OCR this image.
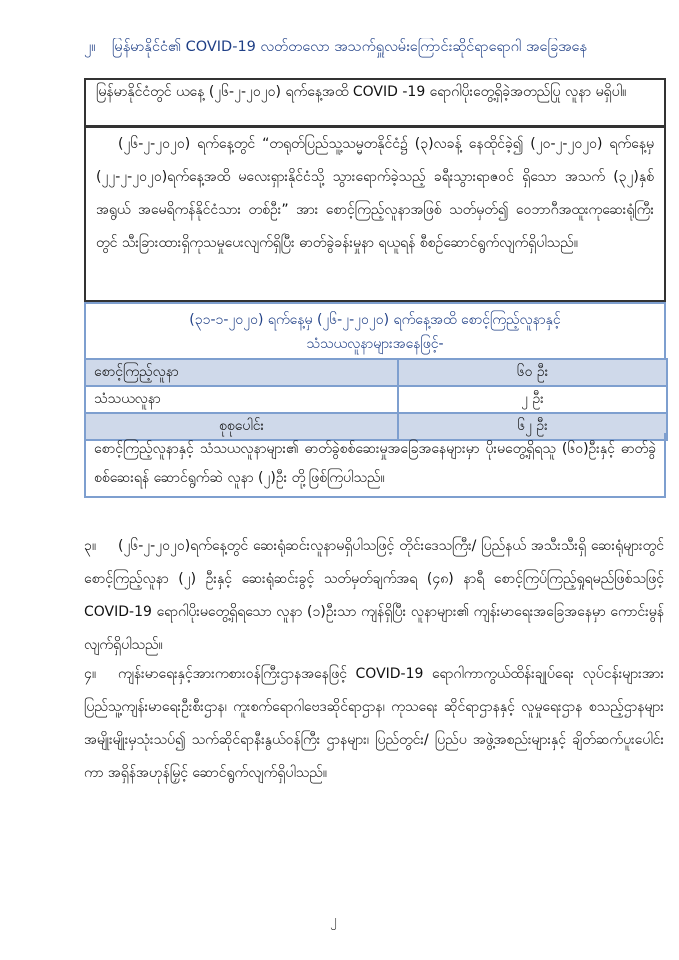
၂။ မြန်မာနိုင်ငံ၏ COVID-19 လတ်တလော အသက်ရှူလမ်းကြောင်းဆိုင်ရာရောဂါ အခြေအနေ

မြန်မာနိုင်ငံတွင် ယနေ့ (၂၆-၂-၂၀၂၀) ရက်နေ့အထိ COVID -19 ရောဂါပိုးတွေ့ရှိခဲ့အတည်ပြု လူနာ မရှိပါ။

(၂၆-၂-၂၀၂၀) ရက်နေ့တွင် “တရုတ်ပြည်သူ့သမ္မတနိုင်ငံ၌ (၃)လခန့် နေထိုင်ခဲ့၍ (၂၀-၂-၂၀၂၀) ရက်နေ့မှ (၂၂-၂-၂၀၂၀)ရက်နေ့အထိ မလေးရှားနိုင်ငံသို့ သွားရောက်ခဲ့သည့် ခရီးသွားရာဇဝင် ရှိသော အသက် (၃၂)နှစ်အရွယ် အမေရိကန်နိုင်ငံသား တစ်ဦး” အား စောင့်ကြည့်လူနာအဖြစ် သတ်မှတ်၍ ဝေဘာဂီအထူးကုဆေးရုံကြီးတွင် သီးခြားထားရှိကုသမှုပေးလျက်ရှိပြီး ဓာတ်ခွဲခန်းမှုနာ ရယူရန် စီစဉ်ဆောင်ရွက်လျက်ရှိပါသည်။

(၃၁-၁-၂၀၂၀) ရက်နေ့မှ (၂၆-၂-၂၀၂၀) ရက်နေ့အထိ စောင့်ကြည့်လူနာနှင့်
သံသယလူနာများအနေဖြင့်-
စောင့်ကြည့်လူနာ	၆၀ ဦး
သံသယလူနာ	၂ ဦး
စုစုပေါင်း	၆၂ ဦး
စောင့်ကြည့်လူနာနှင့် သံသယလူနာများ၏ ဓာတ်ခွဲစစ်ဆေးမှုအခြေအနေများမှာ ပိုးမတွေ့ရှိရသူ (၆၀)ဦးနှင့် ဓာတ်ခွဲစစ်ဆေးရန် ဆောင်ရွက်ဆဲ လူနာ (၂)ဦး တို့ဖြစ်ကြပါသည်။
၃။ (၂၆-၂-၂၀၂၀)ရက်နေ့တွင် ဆေးရုံဆင်းလူနာမရှိပါသဖြင့် တိုင်းဒေသကြီး/ ပြည်နယ် အသီးသီးရှိ ဆေးရုံများတွင် စောင့်ကြည့်လူနာ (၂) ဦးနှင့် ဆေးရုံဆင်းခွင့် သတ်မှတ်ချက်အရ (၄၈) နာရီ စောင့်ကြပ်ကြည့်ရှုရမည်ဖြစ်သဖြင့် COVID-19 ရောဂါပိုးမတွေ့ရှိရသော လူနာ (၁)ဦးသာ ကျန်ရှိပြီး လူနာများ၏ ကျန်းမာရေးအခြေအနေမှာ ကောင်းမွန်လျက်ရှိပါသည်။
၄။ ကျန်းမာရေးနှင့်အားကစားဝန်ကြီးဌာနအနေဖြင့် COVID-19 ရောဂါကာကွယ်ထိန်းချုပ်ရေး လုပ်ငန်းများအား ပြည်သူ့ကျန်းမာရေးဦးစီးဌာန၊ ကူးစက်ရောဂါဗေဒဆိုင်ရာဌာန၊ ကုသရေး ဆိုင်ရာဌာနနှင့် လူမှုရေးဌာန စသည့်ဌာနများ အမျိုးမျိုးမှသုံးသပ်၍ သက်ဆိုင်ရာနီးနွယ်ဝန်ကြီး ဌာနများ၊ ပြည်တွင်း/ ပြည်ပ အဖွဲ့အစည်းများနှင့် ချိတ်ဆက်ပူးပေါင်းကာ အရှိန်အဟုန်မြှင့် ဆောင်ရွက်လျက်ရှိပါသည်။
၂
